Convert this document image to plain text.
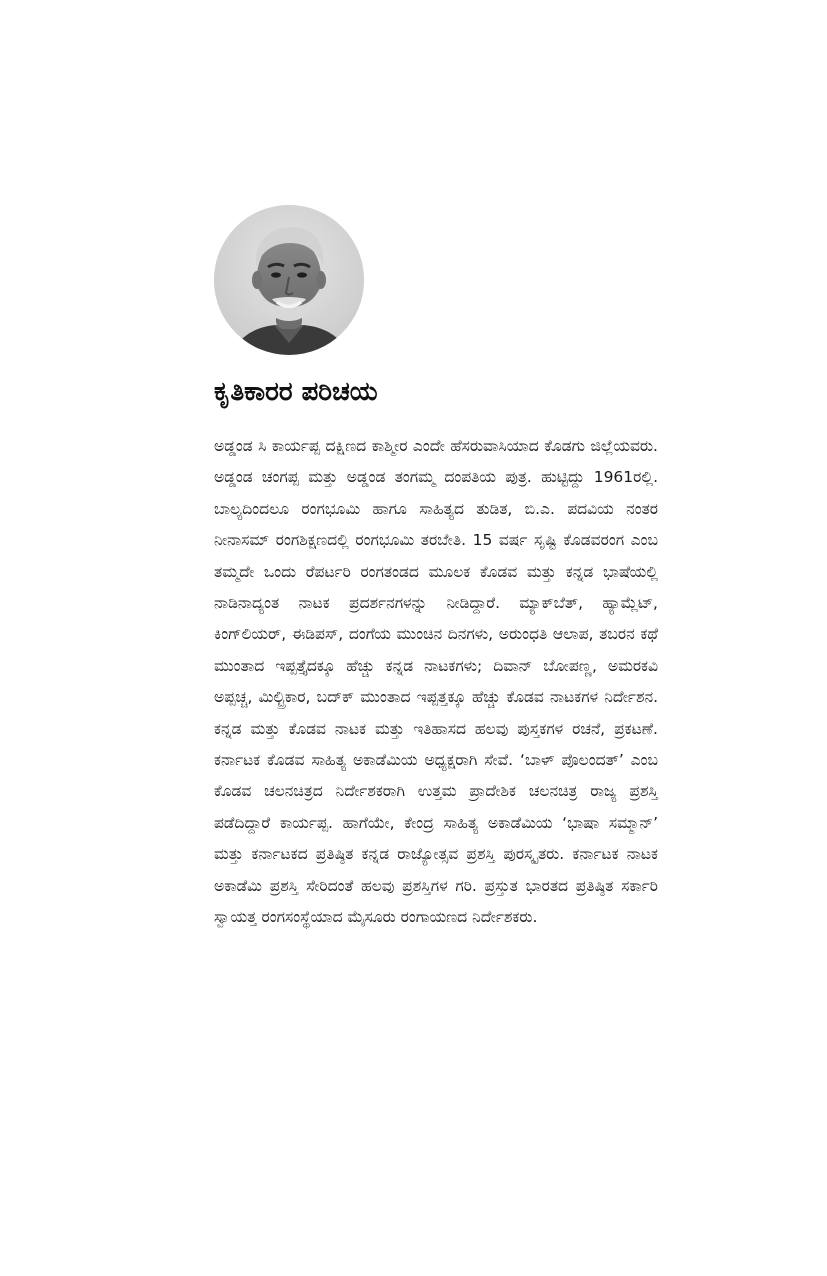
ಕೃತಿಕಾರರ ಪರಿಚಯ

ಅಡ್ಡಂಡ ಸಿ ಕಾರ್ಯಪ್ಪ ದಕ್ಷಿಣದ ಕಾಶ್ಮೀರ ಎಂದೇ ಹೆಸರುವಾಸಿಯಾದ ಕೊಡಗು ಜಿಲ್ಲೆಯವರು. ಅಡ್ಡಂಡ ಚಂಗಪ್ಪ ಮತ್ತು ಅಡ್ಡಂಡ ತಂಗಮ್ಮ ದಂಪತಿಯ ಪುತ್ರ. ಹುಟ್ಟಿದ್ದು 1961ರಲ್ಲಿ. ಬಾಲ್ಯದಿಂದಲೂ ರಂಗಭೂಮಿ ಹಾಗೂ ಸಾಹಿತ್ಯದ ತುಡಿತ, ಬಿ.ಎ. ಪದವಿಯ ನಂತರ ನೀನಾಸಮ್ ರಂಗಶಿಕ್ಷಣದಲ್ಲಿ ರಂಗಭೂಮಿ ತರಬೇತಿ. 15 ವರ್ಷ ಸೃಷ್ಟಿ ಕೊಡವರಂಗ ಎಂಬ ತಮ್ಮದೇ ಒಂದು ರೆಪರ್ಟರಿ ರಂಗತಂಡದ ಮೂಲಕ ಕೊಡವ ಮತ್ತು ಕನ್ನಡ ಭಾಷೆಯಲ್ಲಿ ನಾಡಿನಾದ್ಯಂತ ನಾಟಕ ಪ್ರದರ್ಶನಗಳನ್ನು ನೀಡಿದ್ದಾರೆ. ಮ್ಯಾಕ್‌ಬೆತ್, ಹ್ಯಾಮ್ಲೆಟ್, ಕಿಂಗ್‌ಲಿಯರ್, ಈಡಿಪಸ್, ದಂಗೆಯ ಮುಂಚಿನ ದಿನಗಳು, ಅರುಂಧತಿ ಆಲಾಪ, ತಬರನ ಕಥೆ ಮುಂತಾದ ಇಪ್ಪತ್ತೈದಕ್ಕೂ ಹೆಚ್ಚು ಕನ್ನಡ ನಾಟಕಗಳು; ದಿವಾನ್ ಬೋಪಣ್ಣ, ಅಮರಕವಿ ಅಪ್ಪಚ್ಚ, ಮಿಲ್ಟ್ರಿಕಾರ, ಬದ್‌ಕ್ ಮುಂತಾದ ಇಪ್ಪತ್ತಕ್ಕೂ ಹೆಚ್ಚು ಕೊಡವ ನಾಟಕಗಳ ನಿರ್ದೇಶನ. ಕನ್ನಡ ಮತ್ತು ಕೊಡವ ನಾಟಕ ಮತ್ತು ಇತಿಹಾಸದ ಹಲವು ಪುಸ್ತಕಗಳ ರಚನೆ, ಪ್ರಕಟಣೆ. ಕರ್ನಾಟಕ ಕೊಡವ ಸಾಹಿತ್ಯ ಅಕಾಡೆಮಿಯ ಅಧ್ಯಕ್ಷರಾಗಿ ಸೇವೆ. ‘ಬಾಳ್ ಪೊಲಂದತ್’ ಎಂಬ ಕೊಡವ ಚಲನಚಿತ್ರದ ನಿರ್ದೇಶಕರಾಗಿ ಉತ್ತಮ ಪ್ರಾದೇಶಿಕ ಚಲನಚಿತ್ರ ರಾಜ್ಯ ಪ್ರಶಸ್ತಿ ಪಡೆದಿದ್ದಾರೆ ಕಾರ್ಯಪ್ಪ. ಹಾಗೆಯೇ, ಕೇಂದ್ರ ಸಾಹಿತ್ಯ ಅಕಾಡೆಮಿಯ ‘ಭಾಷಾ ಸಮ್ಮಾನ್’ ಮತ್ತು ಕರ್ನಾಟಕದ ಪ್ರತಿಷ್ಠಿತ ಕನ್ನಡ ರಾಜ್ಯೋತ್ಸವ ಪ್ರಶಸ್ತಿ ಪುರಸ್ಕೃತರು. ಕರ್ನಾಟಕ ನಾಟಕ ಅಕಾಡೆಮಿ ಪ್ರಶಸ್ತಿ ಸೇರಿದಂತೆ ಹಲವು ಪ್ರಶಸ್ತಿಗಳ ಗರಿ. ಪ್ರಸ್ತುತ ಭಾರತದ ಪ್ರತಿಷ್ಠಿತ ಸರ್ಕಾರಿ ಸ್ವಾಯತ್ತ ರಂಗಸಂಸ್ಥೆಯಾದ ಮೈಸೂರು ರಂಗಾಯಣದ ನಿರ್ದೇಶಕರು.
